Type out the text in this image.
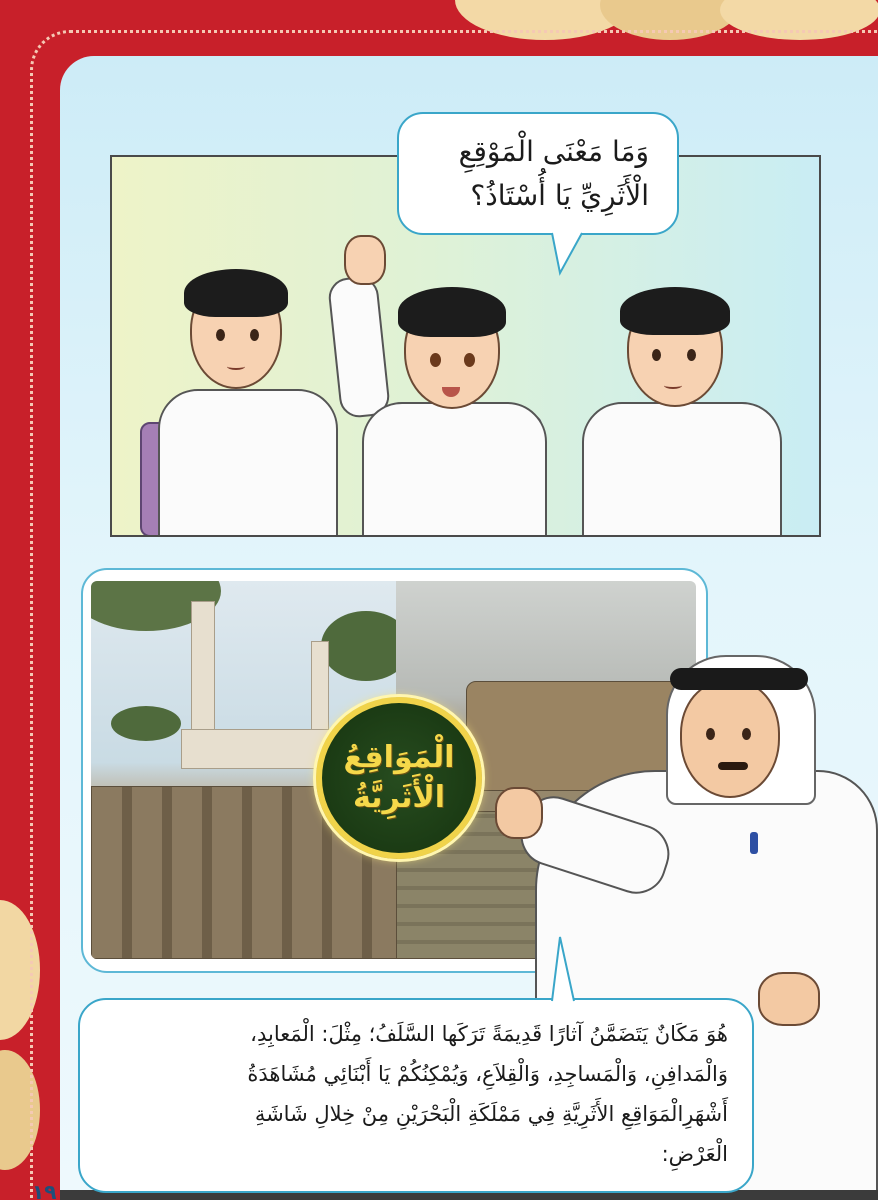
وَمَا مَعْنَى الْمَوْقِعِ
الْأَثَرِيِّ يَا أُسْتَاذُ؟
الْمَوَاقِعُ
الْأَثَرِيَّةُ
هُوَ مَكَانٌ يَتَضَمَّنُ آثارًا قَدِيمَةً تَرَكَها السَّلَفُ؛ مِثْلَ: الْمَعابِدِ،
وَالْمَدافِنِ، وَالْمَساجِدِ، وَالْقِلاَعِ، وَيُمْكِنُكُمْ يَا أَبْنَائِي مُشَاهَدَةُ
أَشْهَرِالْمَوَاقِعِ الأَثَرِيَّةِ فِي مَمْلَكَةِ الْبَحْرَيْنِ مِنْ خِلالِ شَاشَةِ
الْعَرْضِ:
١٩
